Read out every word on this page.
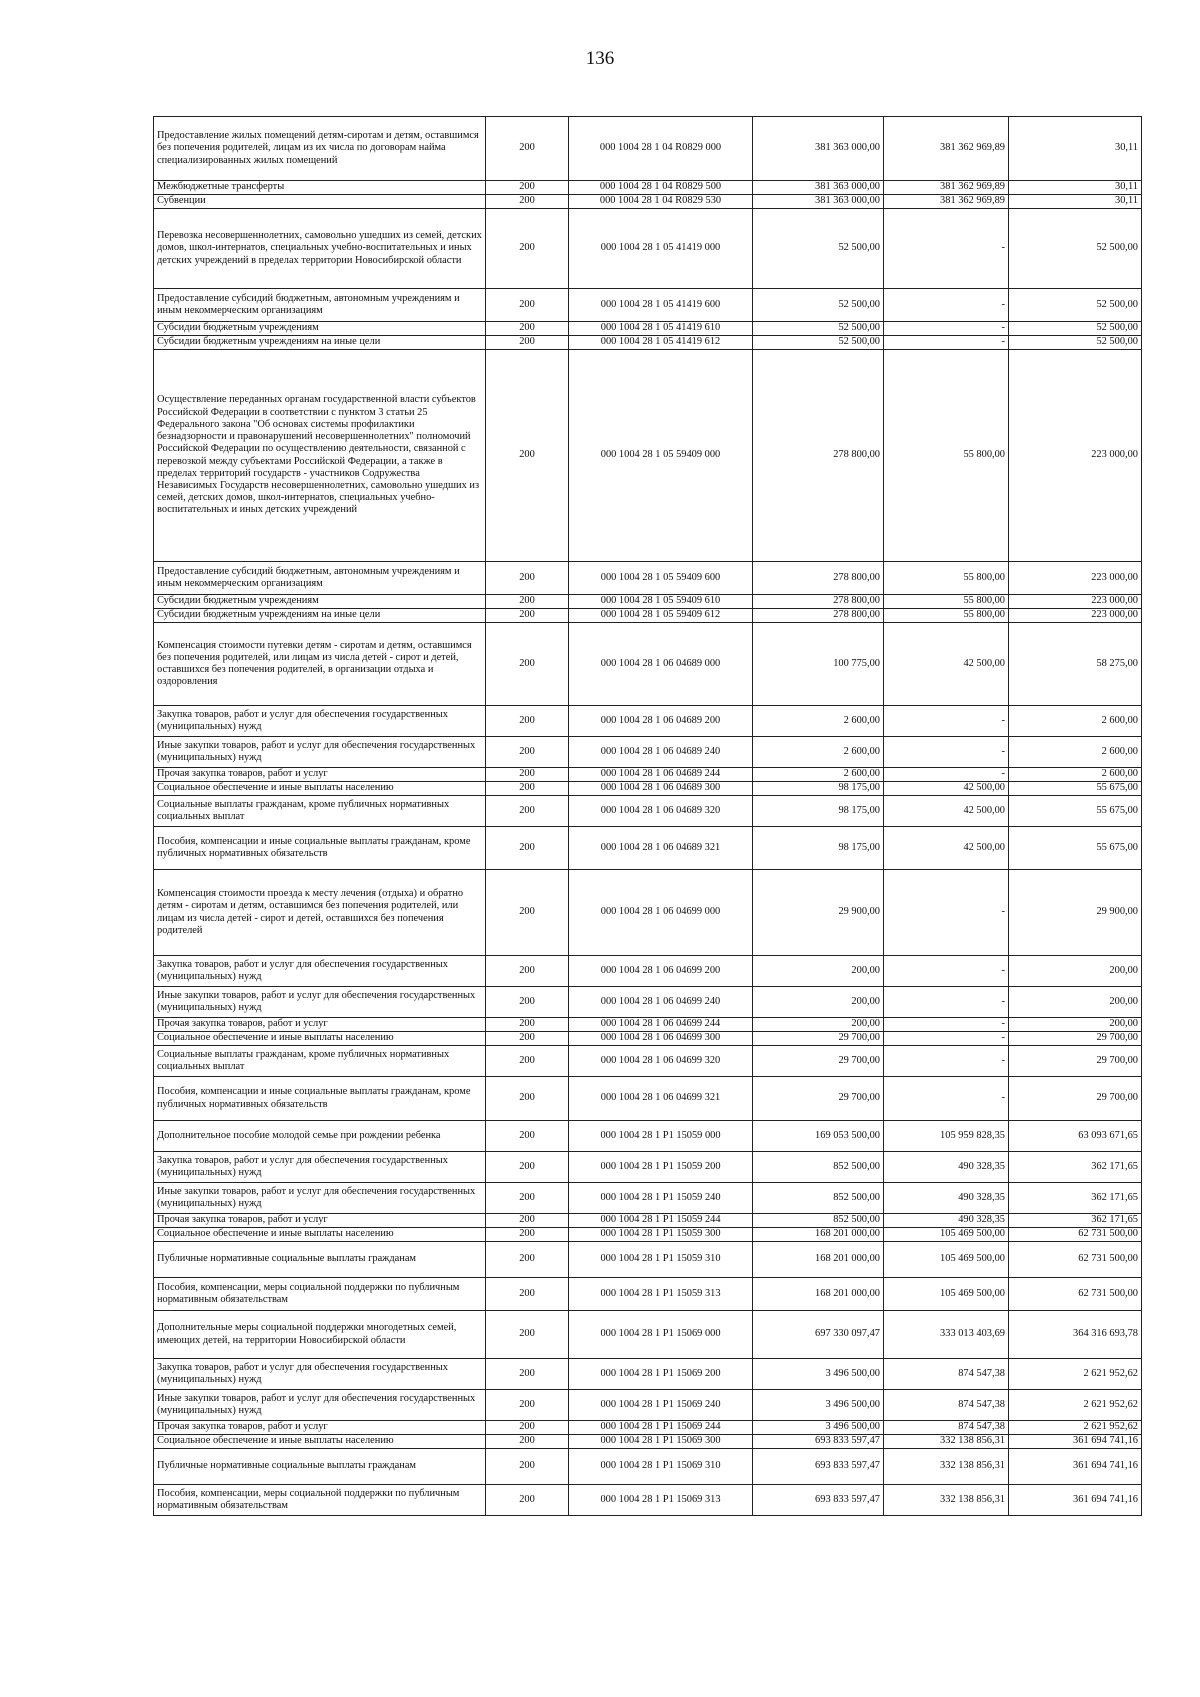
136
Предоставление жилых помещений детям-сиротам и детям, оставшимся без попечения родителей, лицам из их числа по договорам найма специализированных жилых помещений	200	000 1004 28 1 04 R0829 000	381 363 000,00	381 362 969,89	30,11
Межбюджетные трансферты	200	000 1004 28 1 04 R0829 500	381 363 000,00	381 362 969,89	30,11
Субвенции	200	000 1004 28 1 04 R0829 530	381 363 000,00	381 362 969,89	30,11
Перевозка несовершеннолетних, самовольно ушедших из семей, детских домов, школ-интернатов, специальных учебно-воспитательных и иных детских учреждений в пределах территории Новосибирской области	200	000 1004 28 1 05 41419 000	52 500,00	-	52 500,00
Предоставление субсидий бюджетным, автономным учреждениям и иным некоммерческим организациям	200	000 1004 28 1 05 41419 600	52 500,00	-	52 500,00
Субсидии бюджетным учреждениям	200	000 1004 28 1 05 41419 610	52 500,00	-	52 500,00
Субсидии бюджетным учреждениям на иные цели	200	000 1004 28 1 05 41419 612	52 500,00	-	52 500,00
Осуществление переданных органам государственной власти субъектов Российской Федерации в соответствии с пунктом 3 статьи 25 Федерального закона "Об основах системы профилактики безнадзорности и правонарушений несовершеннолетних" полномочий Российской Федерации по осуществлению деятельности, связанной с перевозкой между субъектами Российской Федерации, а также в пределах территорий государств - участников Содружества Независимых Государств несовершеннолетних, самовольно ушедших из семей, детских домов, школ-интернатов, специальных учебно-воспитательных и иных детских учреждений	200	000 1004 28 1 05 59409 000	278 800,00	55 800,00	223 000,00
Предоставление субсидий бюджетным, автономным учреждениям и иным некоммерческим организациям	200	000 1004 28 1 05 59409 600	278 800,00	55 800,00	223 000,00
Субсидии бюджетным учреждениям	200	000 1004 28 1 05 59409 610	278 800,00	55 800,00	223 000,00
Субсидии бюджетным учреждениям на иные цели	200	000 1004 28 1 05 59409 612	278 800,00	55 800,00	223 000,00
Компенсация стоимости путевки детям - сиротам и детям, оставшимся без попечения родителей, или лицам из числа детей - сирот и детей, оставшихся без попечения родителей, в организации отдыха и оздоровления	200	000 1004 28 1 06 04689 000	100 775,00	42 500,00	58 275,00
Закупка товаров, работ и услуг для обеспечения государственных (муниципальных) нужд	200	000 1004 28 1 06 04689 200	2 600,00	-	2 600,00
Иные закупки товаров, работ и услуг для обеспечения государственных (муниципальных) нужд	200	000 1004 28 1 06 04689 240	2 600,00	-	2 600,00
Прочая закупка товаров, работ и услуг	200	000 1004 28 1 06 04689 244	2 600,00	-	2 600,00
Социальное обеспечение и иные выплаты населению	200	000 1004 28 1 06 04689 300	98 175,00	42 500,00	55 675,00
Социальные выплаты гражданам, кроме публичных нормативных социальных выплат	200	000 1004 28 1 06 04689 320	98 175,00	42 500,00	55 675,00
Пособия, компенсации и иные социальные выплаты гражданам, кроме публичных нормативных обязательств	200	000 1004 28 1 06 04689 321	98 175,00	42 500,00	55 675,00
Компенсация стоимости проезда к месту лечения (отдыха) и обратно детям - сиротам и детям, оставшимся без попечения родителей, или лицам из числа детей - сирот и детей, оставшихся без попечения родителей	200	000 1004 28 1 06 04699 000	29 900,00	-	29 900,00
Закупка товаров, работ и услуг для обеспечения государственных (муниципальных) нужд	200	000 1004 28 1 06 04699 200	200,00	-	200,00
Иные закупки товаров, работ и услуг для обеспечения государственных (муниципальных) нужд	200	000 1004 28 1 06 04699 240	200,00	-	200,00
Прочая закупка товаров, работ и услуг	200	000 1004 28 1 06 04699 244	200,00	-	200,00
Социальное обеспечение и иные выплаты населению	200	000 1004 28 1 06 04699 300	29 700,00	-	29 700,00
Социальные выплаты гражданам, кроме публичных нормативных социальных выплат	200	000 1004 28 1 06 04699 320	29 700,00	-	29 700,00
Пособия, компенсации и иные социальные выплаты гражданам, кроме публичных нормативных обязательств	200	000 1004 28 1 06 04699 321	29 700,00	-	29 700,00
Дополнительное пособие молодой семье при рождении ребенка	200	000 1004 28 1 P1 15059 000	169 053 500,00	105 959 828,35	63 093 671,65
Закупка товаров, работ и услуг для обеспечения государственных (муниципальных) нужд	200	000 1004 28 1 P1 15059 200	852 500,00	490 328,35	362 171,65
Иные закупки товаров, работ и услуг для обеспечения государственных (муниципальных) нужд	200	000 1004 28 1 P1 15059 240	852 500,00	490 328,35	362 171,65
Прочая закупка товаров, работ и услуг	200	000 1004 28 1 P1 15059 244	852 500,00	490 328,35	362 171,65
Социальное обеспечение и иные выплаты населению	200	000 1004 28 1 P1 15059 300	168 201 000,00	105 469 500,00	62 731 500,00
Публичные нормативные социальные выплаты гражданам	200	000 1004 28 1 P1 15059 310	168 201 000,00	105 469 500,00	62 731 500,00
Пособия, компенсации, меры социальной поддержки по публичным нормативным обязательствам	200	000 1004 28 1 P1 15059 313	168 201 000,00	105 469 500,00	62 731 500,00
Дополнительные меры социальной поддержки многодетных семей, имеющих детей, на территории Новосибирской области	200	000 1004 28 1 P1 15069 000	697 330 097,47	333 013 403,69	364 316 693,78
Закупка товаров, работ и услуг для обеспечения государственных (муниципальных) нужд	200	000 1004 28 1 P1 15069 200	3 496 500,00	874 547,38	2 621 952,62
Иные закупки товаров, работ и услуг для обеспечения государственных (муниципальных) нужд	200	000 1004 28 1 P1 15069 240	3 496 500,00	874 547,38	2 621 952,62
Прочая закупка товаров, работ и услуг	200	000 1004 28 1 P1 15069 244	3 496 500,00	874 547,38	2 621 952,62
Социальное обеспечение и иные выплаты населению	200	000 1004 28 1 P1 15069 300	693 833 597,47	332 138 856,31	361 694 741,16
Публичные нормативные социальные выплаты гражданам	200	000 1004 28 1 P1 15069 310	693 833 597,47	332 138 856,31	361 694 741,16
Пособия, компенсации, меры социальной поддержки по публичным нормативным обязательствам	200	000 1004 28 1 P1 15069 313	693 833 597,47	332 138 856,31	361 694 741,16
